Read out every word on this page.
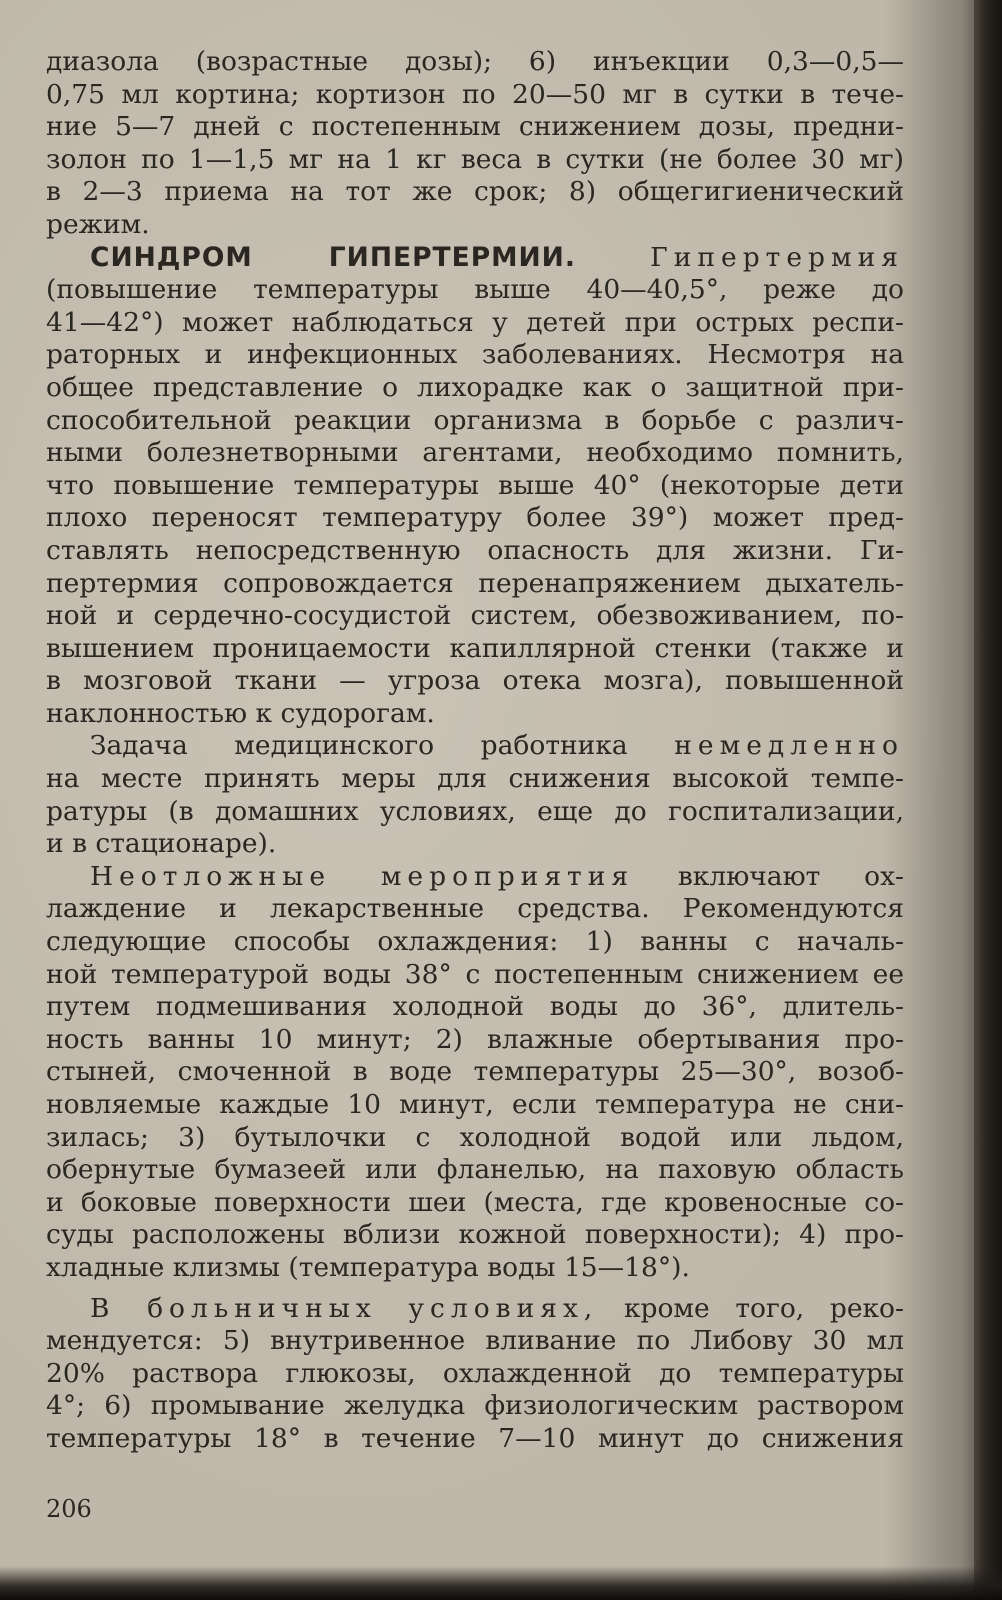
диазола (возрастные дозы); 6) инъекции 0,3—0,5—
0,75 мл кортина; кортизон по 20—50 мг в сутки в тече-
ние 5—7 дней с постепенным снижением дозы, предни-
золон по 1—1,5 мг на 1 кг веса в сутки (не более 30 мг)
в 2—3 приема на тот же срок; 8) общегигиенический
режим.
СИНДРОМ ГИПЕРТЕРМИИ.	Гипертермия
(повышение температуры выше 40—40,5°, реже до
41—42°) может наблюдаться у детей при острых респи-
раторных и инфекционных заболеваниях. Несмотря на
общее представление о лихорадке как о защитной при-
способительной реакции организма в борьбе с различ-
ными болезнетворными агентами, необходимо помнить,
что повышение температуры выше 40° (некоторые дети
плохо переносят температуру более 39°) может пред-
ставлять непосредственную опасность для жизни. Ги-
пертермия сопровождается перенапряжением дыхатель-
ной и сердечно-сосудистой систем, обезвоживанием, по-
вышением проницаемости капиллярной стенки (также и
в мозговой ткани — угроза отека мозга), повышенной
наклонностью к судорогам.
Задача медицинского работника немедленно
на месте принять меры для снижения высокой темпе-
ратуры (в домашних условиях, еще до госпитализации,
и в стационаре).
Неотложные мероприятия включают ох-
лаждение и лекарственные средства. Рекомендуются
следующие способы охлаждения: 1) ванны с началь-
ной температурой воды 38° с постепенным снижением ее
путем подмешивания холодной воды до 36°, длитель-
ность ванны 10 минут; 2) влажные обертывания про-
стыней, смоченной в воде температуры 25—30°, возоб-
новляемые каждые 10 минут, если температура не сни-
зилась; 3) бутылочки с холодной водой или льдом,
обернутые бумазеей или фланелью, на паховую область
и боковые поверхности шеи (места, где кровеносные со-
суды расположены вблизи кожной поверхности); 4) про-
хладные клизмы (температура воды 15—18°).
В больничных условиях, кроме того, реко-
мендуется: 5) внутривенное вливание по Либову 30 мл
20% раствора глюкозы, охлажденной до температуры
4°; 6) промывание желудка физиологическим раствором
температуры 18° в течение 7—10 минут до снижения
206
